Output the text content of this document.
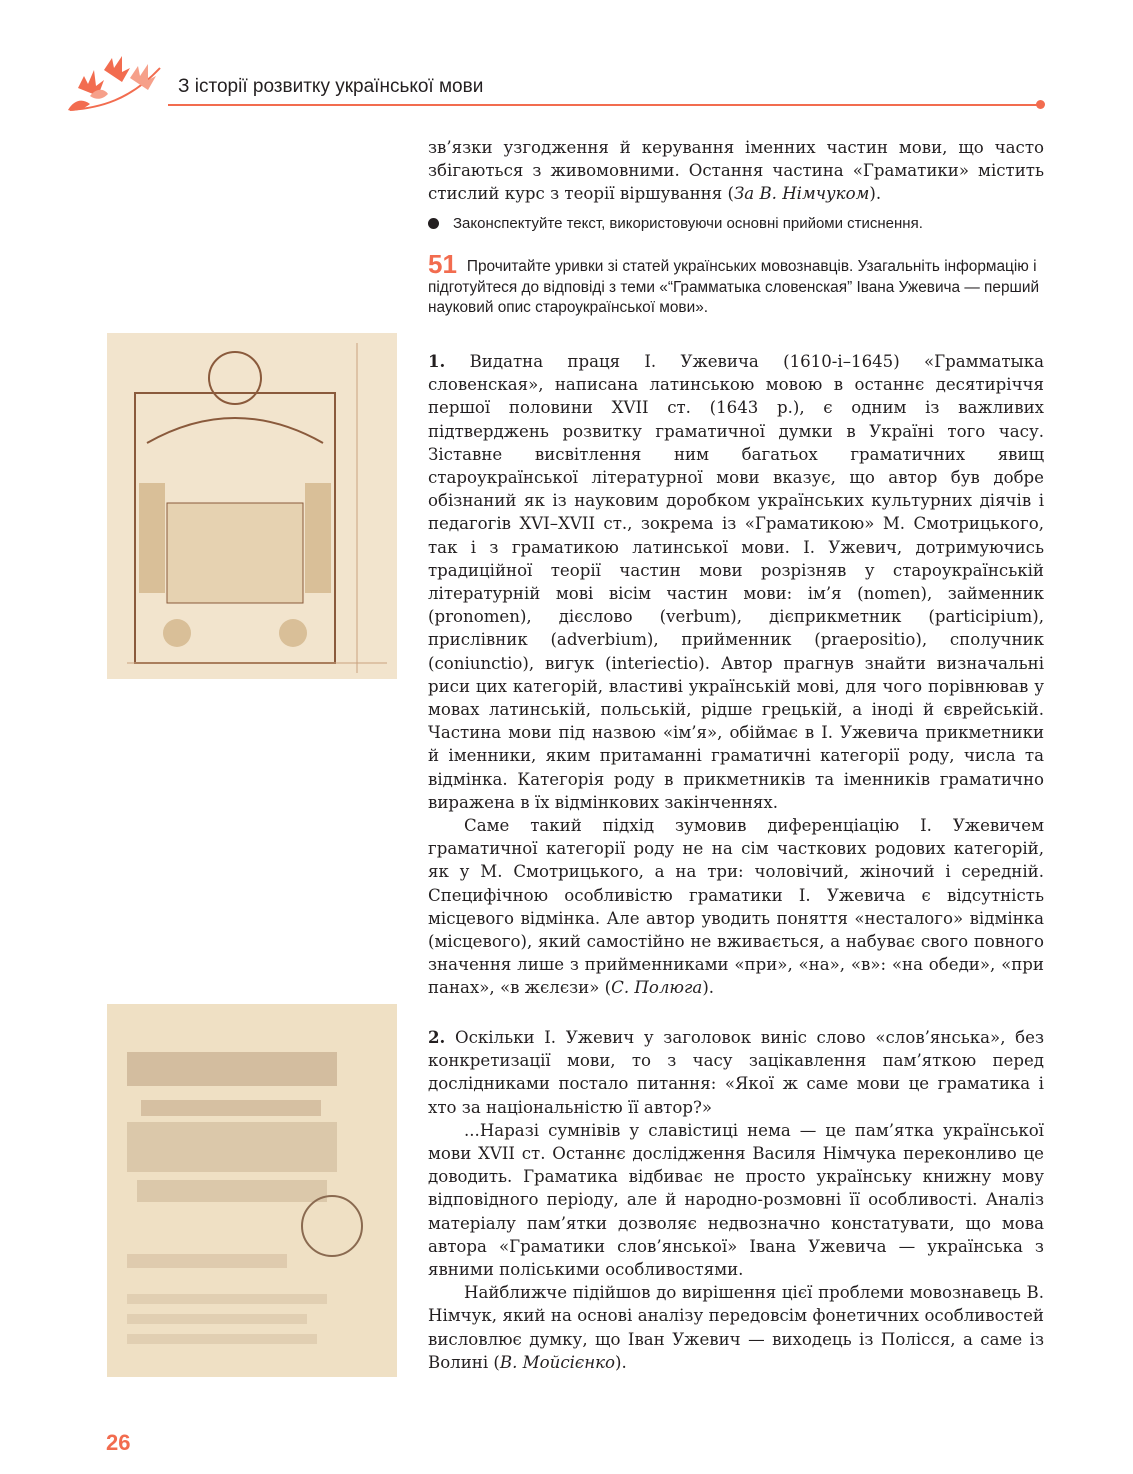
З історії розвитку української мови

зв’язки узгодження й керування іменних частин мови, що часто збігаються з живомовними. Остання частина «Граматики» містить стислий курс з теорії віршування (За В. Німчуком).

Законспектуйте текст, використовуючи основні прийоми стиснення.
51 Прочитайте уривки зі статей українських мовознавців. Узагальніть інформацію і підготуйтеся до відповіді з теми «“Грамматыка словенская” Івана Ужевича — перший науковий опис староукраїнської мови».

1. Видатна праця І. Ужевича (1610-і–1645) «Грамматыка словенская», написана латинською мовою в останнє десятиріччя першої половини XVII ст. (1643 р.), є одним із важливих підтверджень розвитку граматичної думки в Україні того часу. Зіставне висвітлення ним багатьох граматичних явищ староукраїнської літературної мови вказує, що автор був добре обізнаний як із науковим доробком українських культурних діячів і педагогів XVI–XVII ст., зокрема із «Граматикою» М. Смотрицького, так і з граматикою латинської мови. І. Ужевич, дотримуючись традиційної теорії частин мови розрізняв у староукраїнській літературній мові вісім частин мови: ім’я (nomen), займенник (pronomen), дієслово (verbum), дієприкметник (participium), прислівник (adverbium), прийменник (praepositio), сполучник (coniunctio), вигук (interiectio). Автор прагнув знайти визначальні риси цих категорій, властиві українській мові, для чого порівнював у мовах латинській, польській, рідше грецькій, а іноді й єврейській. Частина мови під назвою «ім’я», обіймає в І. Ужевича прикметники й іменники, яким притаманні граматичні категорії роду, числа та відмінка. Категорія роду в прикметників та іменників граматично виражена в їх відмінкових закінченнях.

Саме такий підхід зумовив диференціацію І. Ужевичем граматичної категорії роду не на сім часткових родових категорій, як у М. Смотрицького, а на три: чоловічий, жіночий і середній. Специфічною особливістю граматики І. Ужевича є відсутність місцевого відмінка. Але автор уводить поняття «несталого» відмінка (місцевого), який самостійно не вживається, а набуває свого повного значення лише з прийменниками «при», «на», «в»: «на обеди», «при панах», «в жєлєзи» (С. Полюга).

2. Оскільки І. Ужевич у заголовок виніс слово «слов’янська», без конкретизації мови, то з часу зацікавлення пам’яткою перед дослідниками постало питання: «Якої ж саме мови це граматика і хто за національністю її автор?»

...Наразі сумнівів у славістиці нема — це пам’ятка української мови XVII ст. Останнє дослідження Василя Німчука переконливо це доводить. Граматика відбиває не просто українську книжну мову відповідного періоду, але й народно-розмовні її особливості. Аналіз матеріалу пам’ятки дозволяє недвозначно констатувати, що мова автора «Граматики слов’янської» Івана Ужевича — українська з явними поліськими особливостями.

Найближче підійшов до вирішення цієї проблеми мовознавець В. Німчук, який на основі аналізу передовсім фонетичних особливостей висловлює думку, що Іван Ужевич — виходець із Полісся, а саме із Волині (В. Мойсієнко).

26
